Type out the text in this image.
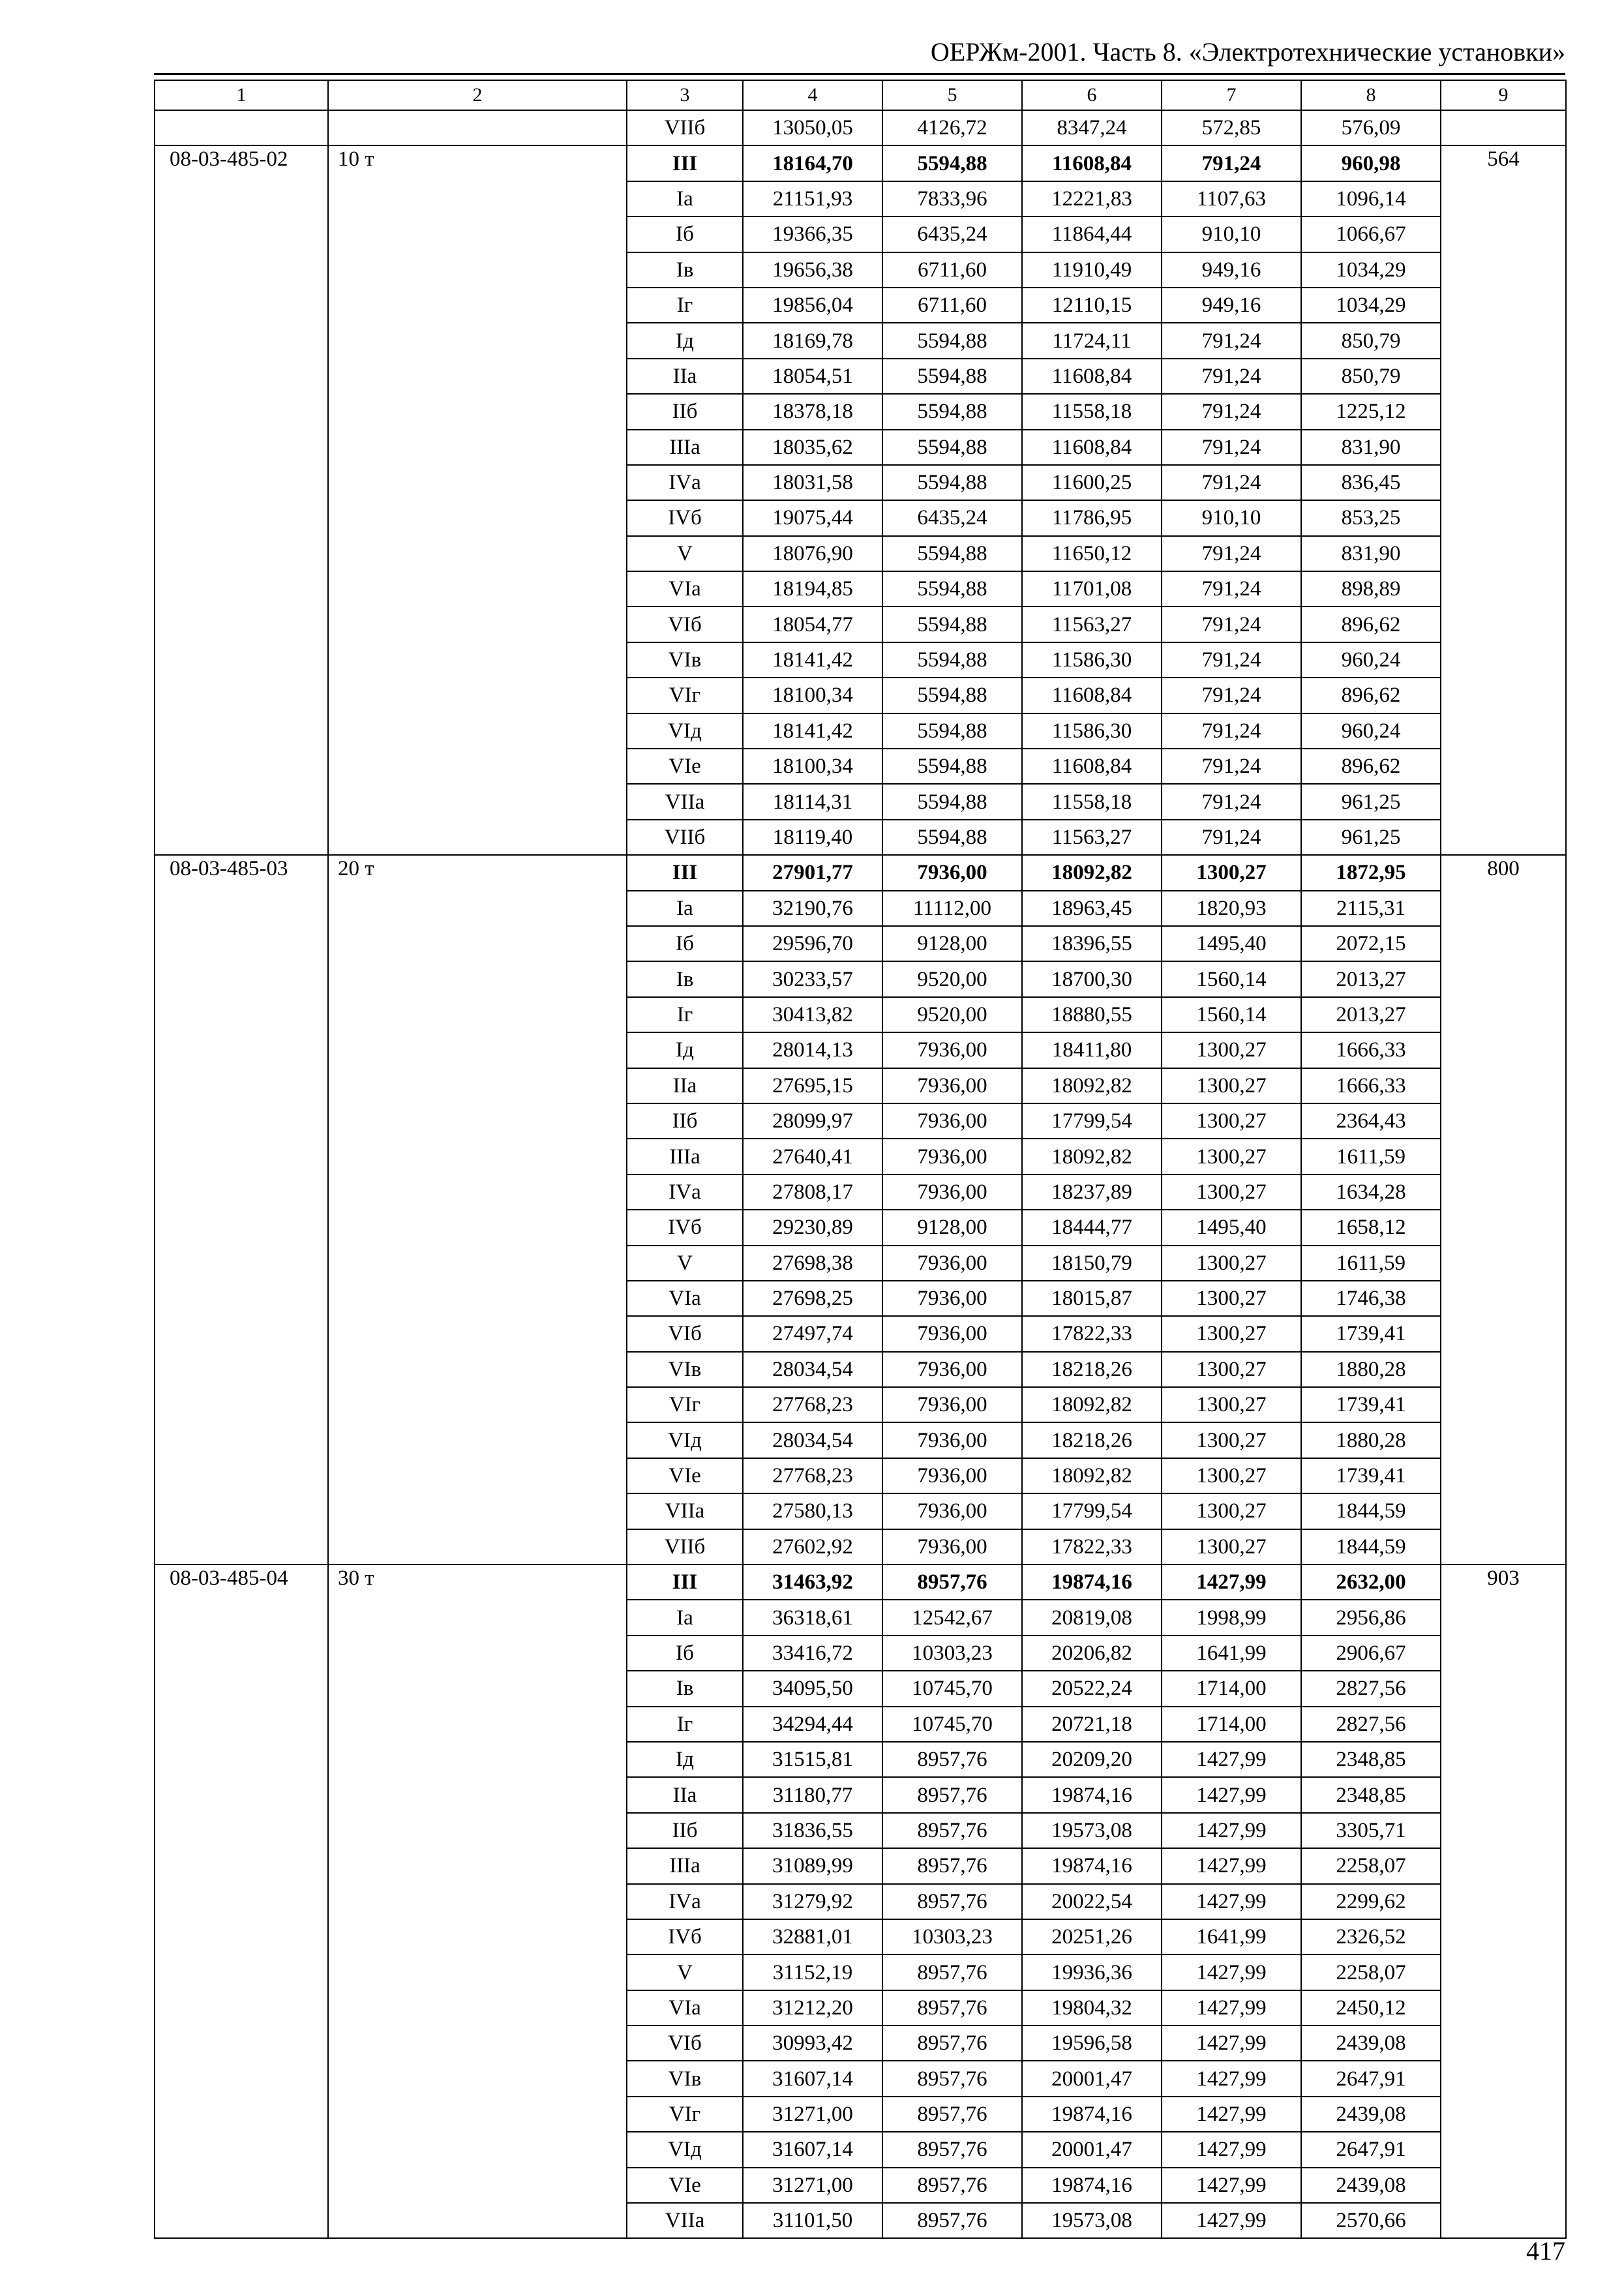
ОЕРЖм-2001. Часть 8. «Электротехнические установки»
1	2	3	4	5	6	7	8	9
		VIIб	13050,05	4126,72	8347,24	572,85	576,09	
08-03-485-02	10 т	III	18164,70	5594,88	11608,84	791,24	960,98	564
		Iа	21151,93	7833,96	12221,83	1107,63	1096,14	
		Iб	19366,35	6435,24	11864,44	910,10	1066,67	
		Iв	19656,38	6711,60	11910,49	949,16	1034,29	
		Iг	19856,04	6711,60	12110,15	949,16	1034,29	
		Iд	18169,78	5594,88	11724,11	791,24	850,79	
		IIа	18054,51	5594,88	11608,84	791,24	850,79	
		IIб	18378,18	5594,88	11558,18	791,24	1225,12	
		IIIа	18035,62	5594,88	11608,84	791,24	831,90	
		IVа	18031,58	5594,88	11600,25	791,24	836,45	
		IVб	19075,44	6435,24	11786,95	910,10	853,25	
		V	18076,90	5594,88	11650,12	791,24	831,90	
		VIа	18194,85	5594,88	11701,08	791,24	898,89	
		VIб	18054,77	5594,88	11563,27	791,24	896,62	
		VIв	18141,42	5594,88	11586,30	791,24	960,24	
		VIг	18100,34	5594,88	11608,84	791,24	896,62	
		VIд	18141,42	5594,88	11586,30	791,24	960,24	
		VIе	18100,34	5594,88	11608,84	791,24	896,62	
		VIIа	18114,31	5594,88	11558,18	791,24	961,25	
		VIIб	18119,40	5594,88	11563,27	791,24	961,25	
08-03-485-03	20 т	III	27901,77	7936,00	18092,82	1300,27	1872,95	800
		Iа	32190,76	11112,00	18963,45	1820,93	2115,31	
		Iб	29596,70	9128,00	18396,55	1495,40	2072,15	
		Iв	30233,57	9520,00	18700,30	1560,14	2013,27	
		Iг	30413,82	9520,00	18880,55	1560,14	2013,27	
		Iд	28014,13	7936,00	18411,80	1300,27	1666,33	
		IIа	27695,15	7936,00	18092,82	1300,27	1666,33	
		IIб	28099,97	7936,00	17799,54	1300,27	2364,43	
		IIIа	27640,41	7936,00	18092,82	1300,27	1611,59	
		IVа	27808,17	7936,00	18237,89	1300,27	1634,28	
		IVб	29230,89	9128,00	18444,77	1495,40	1658,12	
		V	27698,38	7936,00	18150,79	1300,27	1611,59	
		VIа	27698,25	7936,00	18015,87	1300,27	1746,38	
		VIб	27497,74	7936,00	17822,33	1300,27	1739,41	
		VIв	28034,54	7936,00	18218,26	1300,27	1880,28	
		VIг	27768,23	7936,00	18092,82	1300,27	1739,41	
		VIд	28034,54	7936,00	18218,26	1300,27	1880,28	
		VIе	27768,23	7936,00	18092,82	1300,27	1739,41	
		VIIа	27580,13	7936,00	17799,54	1300,27	1844,59	
		VIIб	27602,92	7936,00	17822,33	1300,27	1844,59	
08-03-485-04	30 т	III	31463,92	8957,76	19874,16	1427,99	2632,00	903
		Iа	36318,61	12542,67	20819,08	1998,99	2956,86	
		Iб	33416,72	10303,23	20206,82	1641,99	2906,67	
		Iв	34095,50	10745,70	20522,24	1714,00	2827,56	
		Iг	34294,44	10745,70	20721,18	1714,00	2827,56	
		Iд	31515,81	8957,76	20209,20	1427,99	2348,85	
		IIа	31180,77	8957,76	19874,16	1427,99	2348,85	
		IIб	31836,55	8957,76	19573,08	1427,99	3305,71	
		IIIа	31089,99	8957,76	19874,16	1427,99	2258,07	
		IVа	31279,92	8957,76	20022,54	1427,99	2299,62	
		IVб	32881,01	10303,23	20251,26	1641,99	2326,52	
		V	31152,19	8957,76	19936,36	1427,99	2258,07	
		VIа	31212,20	8957,76	19804,32	1427,99	2450,12	
		VIб	30993,42	8957,76	19596,58	1427,99	2439,08	
		VIв	31607,14	8957,76	20001,47	1427,99	2647,91	
		VIг	31271,00	8957,76	19874,16	1427,99	2439,08	
		VIд	31607,14	8957,76	20001,47	1427,99	2647,91	
		VIе	31271,00	8957,76	19874,16	1427,99	2439,08	
		VIIа	31101,50	8957,76	19573,08	1427,99	2570,66	
417
